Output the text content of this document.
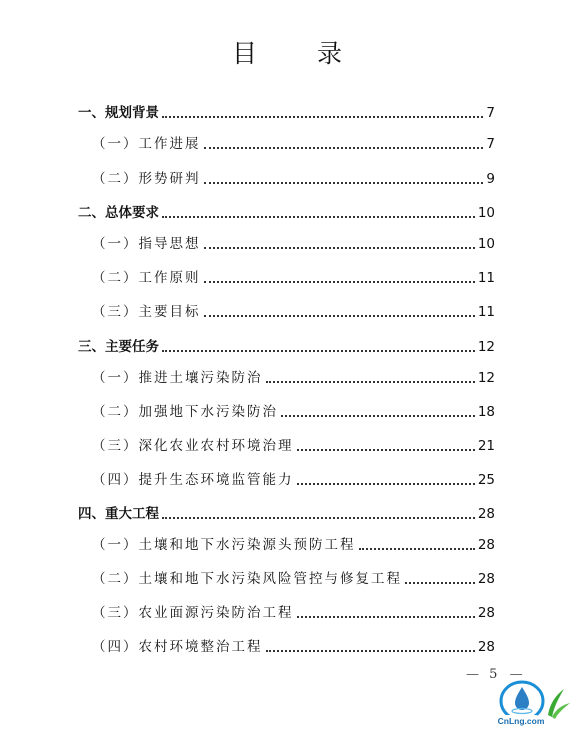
目 录
一、规划背景	7
（一）工作进展	7
（二）形势研判	9
二、总体要求	10
（一）指导思想	10
（二）工作原则	11
（三）主要目标	11
三、主要任务	12
（一）推进土壤污染防治	12
（二）加强地下水污染防治	18
（三）深化农业农村环境治理	21
（四）提升生态环境监管能力	25
四、重大工程	28
（一）土壤和地下水污染源头预防工程	28
（二）土壤和地下水污染风险管控与修复工程	28
（三）农业面源污染防治工程	28
（四）农村环境整治工程	28
— 5 —
CnLng.com
